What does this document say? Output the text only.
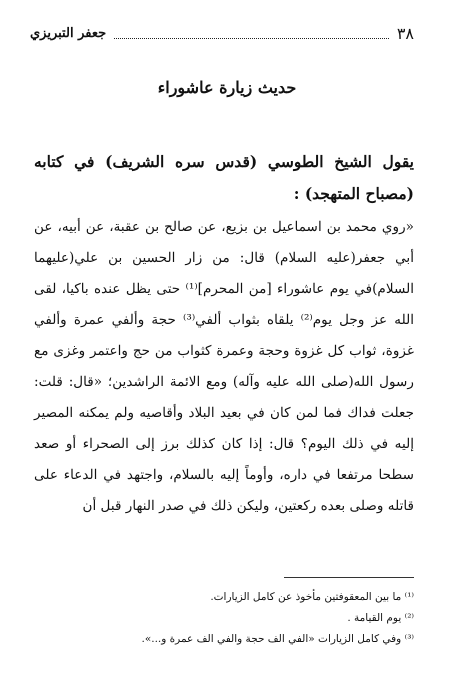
٣٨
جعفر التبريزي
حديث زيارة عاشوراء
يقول الشيخ الطوسي (قدس سره الشريف) في كتابه (مصباح المتهجد) :
«روي محمد بن اسماعيل بن بزيع، عن صالح بن عقبة، عن أبيه، عن أبي جعفر(عليه السلام) قال: من زار الحسين بن علي(عليهما السلام)في يوم عاشوراء [من المحرم]⁽¹⁾ حتى يظل عنده باكيا، لقى الله عز وجل يوم⁽²⁾ يلقاه بثواب ألفي⁽³⁾ حجة وألفي عمرة وألفي غزوة، ثواب كل غزوة وحجة وعمرة كثواب من حج واعتمر وغزى مع رسول الله(صلى الله عليه وآله) ومع الائمة الراشدين؛ «قال: قلت: جعلت فداك فما لمن كان في بعيد البلاد وأقاصيه ولم يمكنه المصير إليه في ذلك اليوم؟ قال: إذا كان كذلك برز إلى الصحراء أو صعد سطحا مرتفعا في داره، وأوماً إليه بالسلام، واجتهد في الدعاء على قاتله وصلى بعده ركعتين، وليكن ذلك في صدر النهار قبل أن
⁽¹⁾ ما بين المعقوفتين مأخوذ عن كامل الزيارات.
⁽²⁾ يوم القيامة .
⁽³⁾ وفي كامل الزيارات «الفي الف حجة والفي الف عمرة و...».
